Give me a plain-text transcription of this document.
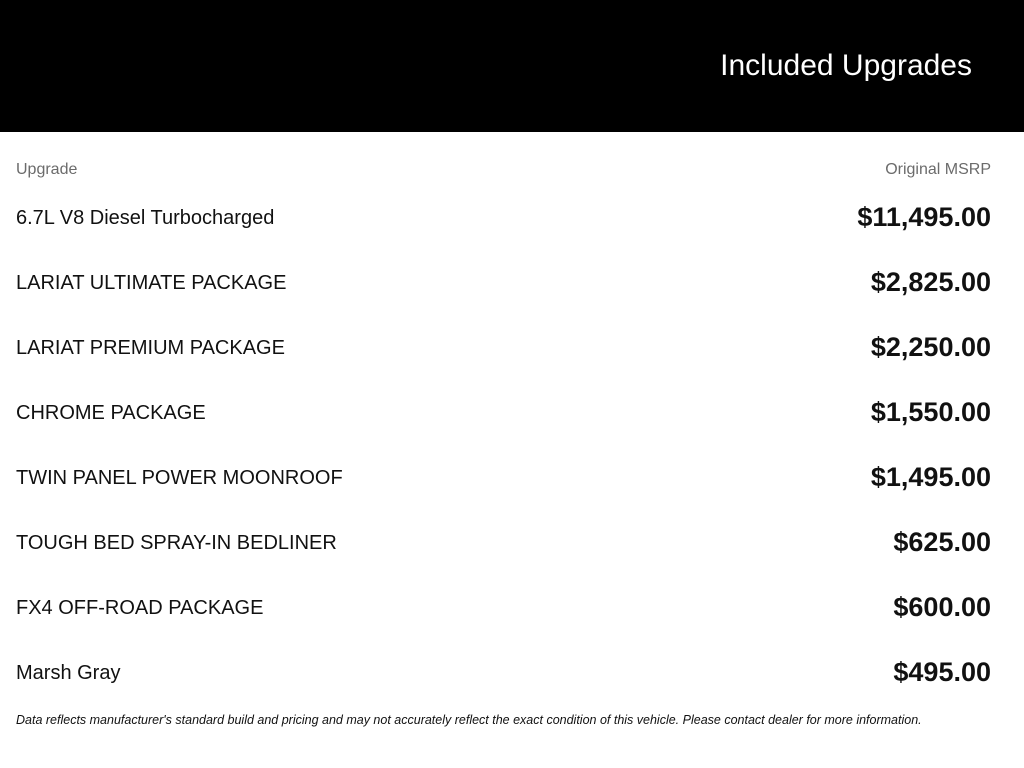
Included Upgrades
Upgrade	Original MSRP
6.7L V8 Diesel Turbocharged	$11,495.00
LARIAT ULTIMATE PACKAGE	$2,825.00
LARIAT PREMIUM PACKAGE	$2,250.00
CHROME PACKAGE	$1,550.00
TWIN PANEL POWER MOONROOF	$1,495.00
TOUGH BED SPRAY-IN BEDLINER	$625.00
FX4 OFF-ROAD PACKAGE	$600.00
Marsh Gray	$495.00
Data reflects manufacturer's standard build and pricing and may not accurately reflect the exact condition of this vehicle. Please contact dealer for more information.
